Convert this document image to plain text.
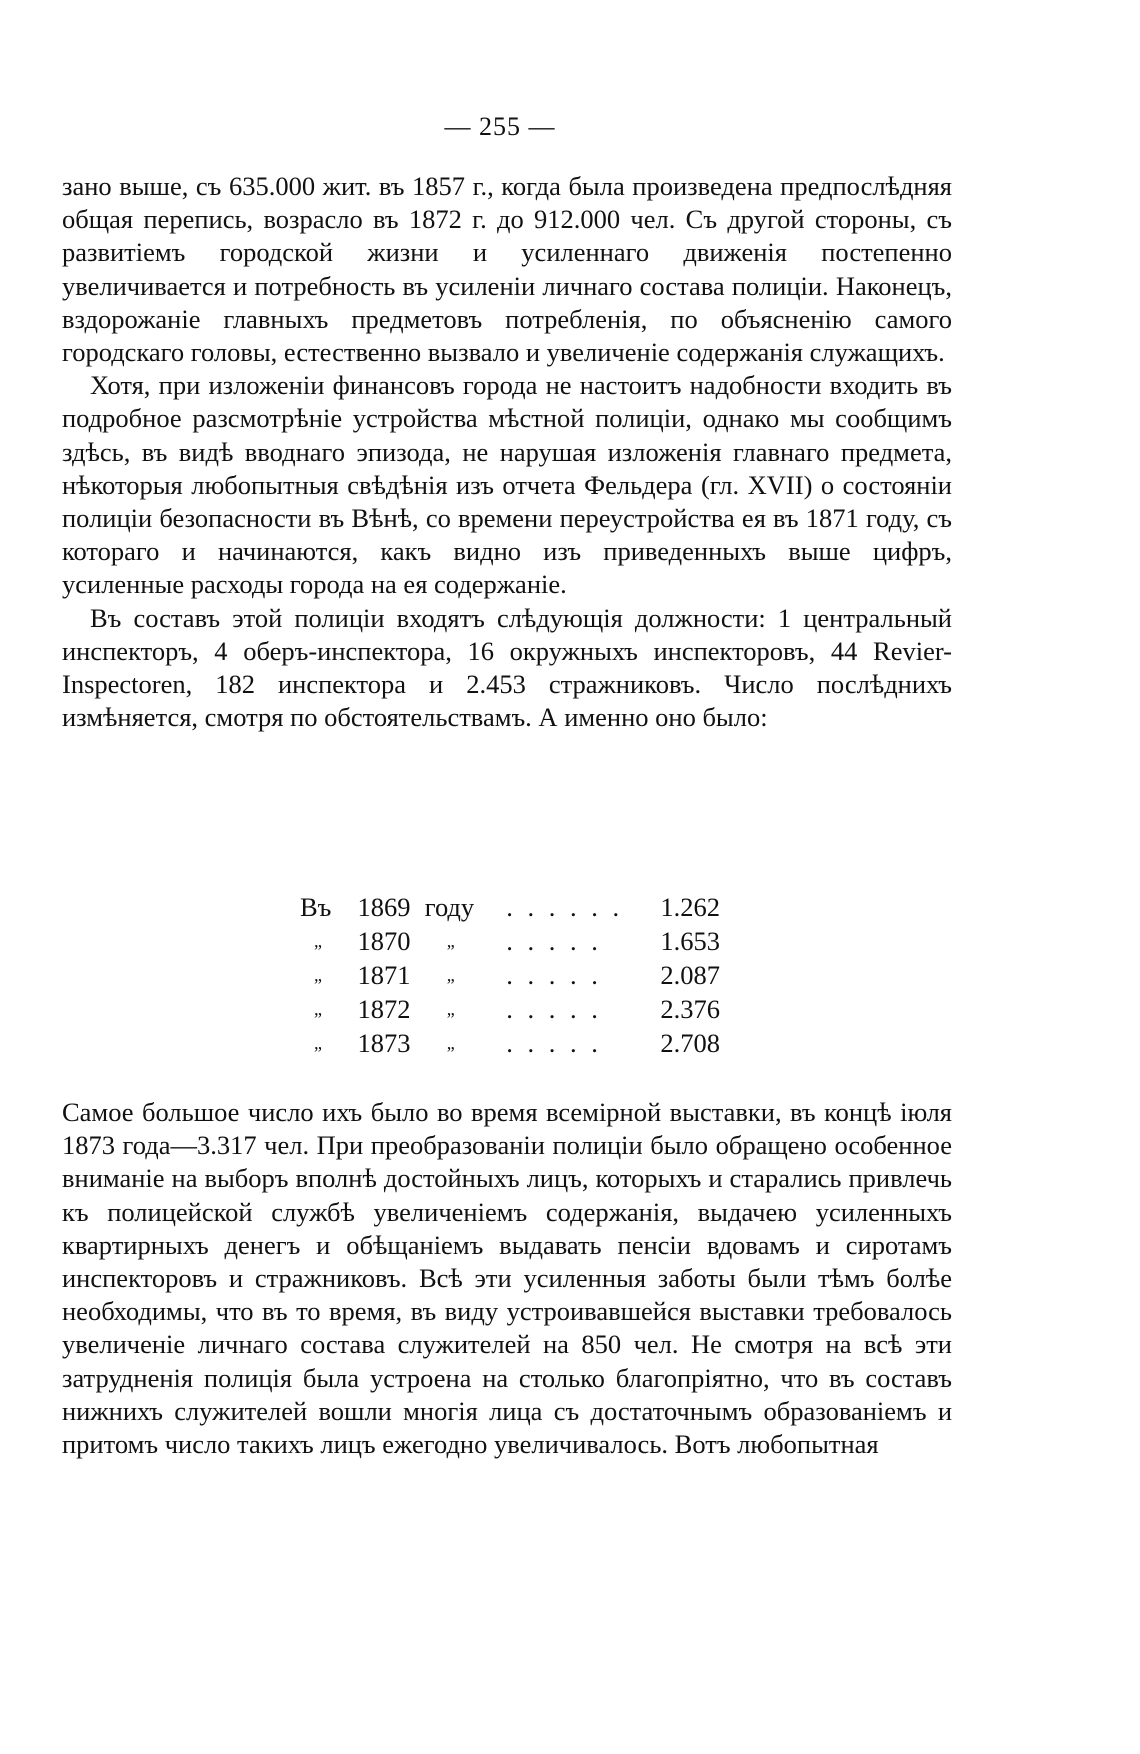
— 255 —

зано выше, съ 635.000 жит. въ 1857 г., когда была произведена предпослѣдняя общая перепись, возрасло въ 1872 г. до 912.000 чел. Съ другой стороны, съ развитіемъ городской жизни и усиленнаго движенія постепенно увеличивается и потребность въ усиленіи личнаго состава полиціи. Наконецъ, вздорожаніе главныхъ предметовъ потребленія, по объясненію самого городскаго головы, естественно вызвало и увеличеніе содержанія служащихъ.

Хотя, при изложеніи финансовъ города не настоитъ надобности входить въ подробное разсмотрѣніе устройства мѣстной полиціи, однако мы сообщимъ здѣсь, въ видѣ вводнаго эпизода, не нарушая изложенія главнаго предмета, нѣкоторыя любопытныя свѣдѣнія изъ отчета Фельдера (гл. XVII) о состояніи полиціи безопасности въ Вѣнѣ, со времени переустройства ея въ 1871 году, съ котораго и начинаются, какъ видно изъ приведенныхъ выше цифръ, усиленные расходы города на ея содержаніе.

Въ составъ этой полиціи входятъ слѣдующія должности: 1 центральный инспекторъ, 4 оберъ-инспектора, 16 окружныхъ инспекторовъ, 44 Revier-Inspectoren, 182 инспектора и 2.453 стражниковъ. Число послѣднихъ измѣняется, смотря по обстоятельствамъ. А именно оно было:

Въ	1869	году	. . . . . .	1.262
„	1870	„	. . . . .	1.653
„	1871	„	. . . . .	2.087
„	1872	„	. . . . .	2.376
„	1873	„	. . . . .	2.708

Самое большое число ихъ было во время всемірной выставки, въ концѣ іюля 1873 года—3.317 чел. При преобразованіи полиціи было обращено особенное вниманіе на выборъ вполнѣ достойныхъ лицъ, которыхъ и старались привлечь къ полицейской службѣ увеличеніемъ содержанія, выдачею усиленныхъ квартирныхъ денегъ и обѣщаніемъ выдавать пенсіи вдовамъ и сиротамъ инспекторовъ и стражниковъ. Всѣ эти усиленныя заботы были тѣмъ болѣе необходимы, что въ то время, въ виду устроивавшейся выставки требовалось увеличеніе личнаго состава служителей на 850 чел. Не смотря на всѣ эти затрудненія полиція была устроена на столько благопріятно, что въ составъ нижнихъ служителей вошли многія лица съ достаточнымъ образованіемъ и притомъ число такихъ лицъ ежегодно увеличивалось. Вотъ любопытная
